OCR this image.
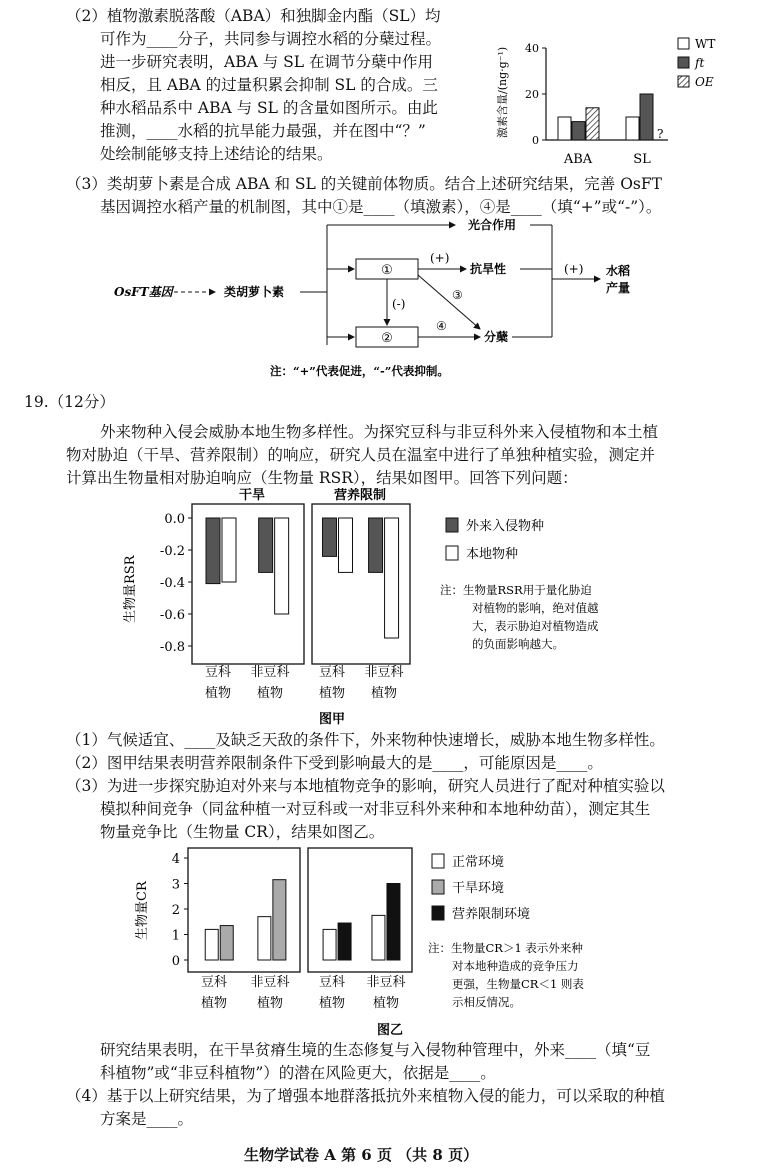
（2）植物激素脱落酸（ABA）和独脚金内酯（SL）均
可作为____分子，共同参与调控水稻的分蘖过程。
进一步研究表明，ABA 与 SL 在调节分蘖中作用
相反，且 ABA 的过量积累会抑制 SL 的合成。三
种水稻品系中 ABA 与 SL 的含量如图所示。由此
推测，____水稻的抗旱能力最强，并在图中“？”
处绘制能够支持上述结论的结果。
激素含量/(ng·g⁻¹)
0
20
40
ABA	SL
?
WT
ft
OE
（3）类胡萝卜素是合成 ABA 和 SL 的关键前体物质。结合上述研究结果，完善 OsFT
基因调控水稻产量的机制图，其中①是____（填激素），④是____（填“+”或“-”）。
OsFT基因	类胡萝卜素
光合作用
①
②
(-)
(+)
抗旱性
③
④
分蘖
(+) 水稻
产量
注：“+”代表促进，“-”代表抑制。
19.（12分）
外来物种入侵会威胁本地生物多样性。为探究豆科与非豆科外来入侵植物和本土植
物对胁迫（干旱、营养限制）的响应，研究人员在温室中进行了单独种植实验，测定并
计算出生物量相对胁迫响应（生物量 RSR），结果如图甲。回答下列问题：
生物量RSR
干旱	营养限制
0.0
-0.2
-0.4
-0.6
-0.8
豆科
植物
非豆科
植物
豆科
植物
非豆科
植物
图甲
外来入侵物种
本地物种
注：生物量RSR用于量化胁迫
对植物的影响，绝对值越
大，表示胁迫对植物造成
的负面影响越大。
（1）气候适宜、____及缺乏天敌的条件下，外来物种快速增长，威胁本地生物多样性。
（2）图甲结果表明营养限制条件下受到影响最大的是____，可能原因是____。
（3）为进一步探究胁迫对外来与本地植物竞争的影响，研究人员进行了配对种植实验以
模拟种间竞争（同盆种植一对豆科或一对非豆科外来种和本地种幼苗），测定其生
物量竞争比（生物量 CR），结果如图乙。
生物量CR
0
1
2
3
4
豆科
植物
非豆科
植物
豆科
植物
非豆科
植物
图乙
正常环境
干旱环境
营养限制环境
注：生物量CR＞1 表示外来种
对本地种造成的竞争压力
更强，生物量CR＜1 则表
示相反情况。
研究结果表明，在干旱贫瘠生境的生态修复与入侵物种管理中，外来____（填“豆
科植物”或“非豆科植物”）的潜在风险更大，依据是____。
（4）基于以上研究结果，为了增强本地群落抵抗外来植物入侵的能力，可以采取的种植
方案是____。
生物学试卷 A 第 6 页 （共 8 页）
